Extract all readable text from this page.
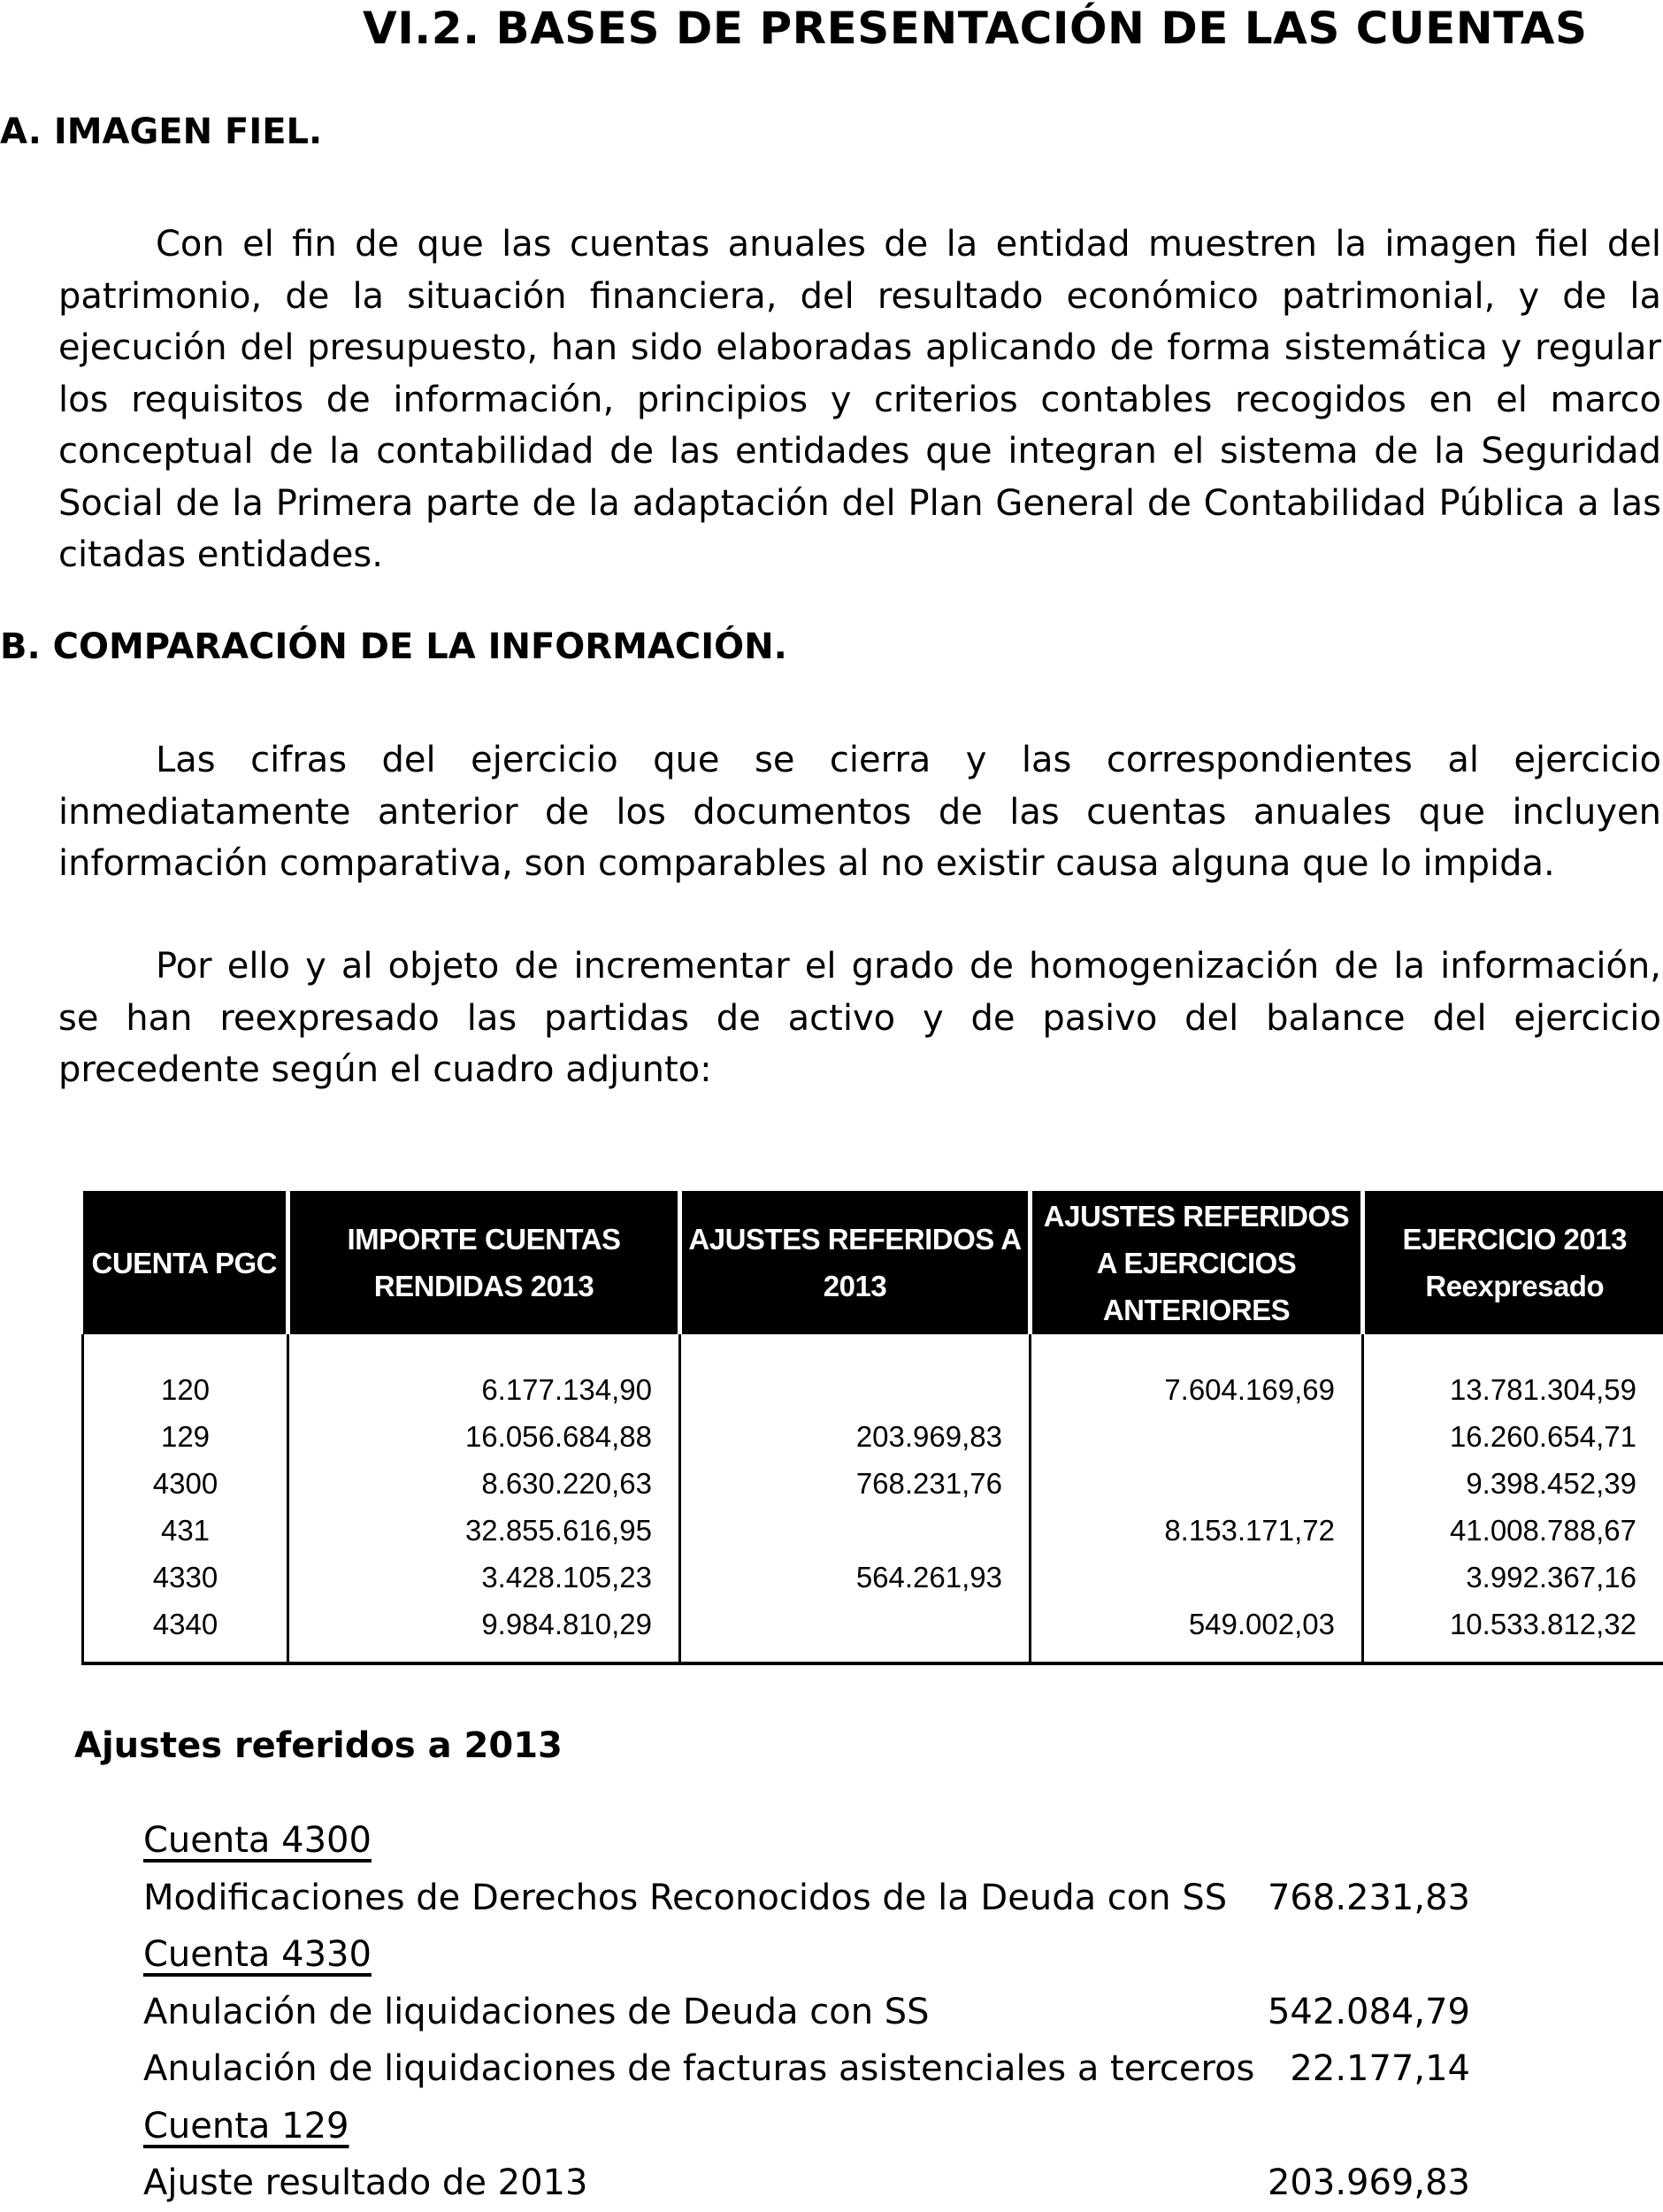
VI.2. BASES DE PRESENTACIÓN DE LAS CUENTAS
A. IMAGEN FIEL.
Con el fin de que las cuentas anuales de la entidad muestren la imagen fiel del patrimonio, de la situación financiera, del resultado económico patrimonial, y de la ejecución del presupuesto, han sido elaboradas aplicando de forma sistemática y regular los requisitos de información, principios y criterios contables recogidos en el marco conceptual de la contabilidad de las entidades que integran el sistema de la Seguridad Social de la Primera parte de la adaptación del Plan General de Contabilidad Pública a las citadas entidades.
B. COMPARACIÓN DE LA INFORMACIÓN.
Las cifras del ejercicio que se cierra y las correspondientes al ejercicio inmediatamente anterior de los documentos de las cuentas anuales que incluyen información comparativa, son comparables al no existir causa alguna que lo impida.
Por ello y al objeto de incrementar el grado de homogenización de la información, se han reexpresado las partidas de activo y de pasivo del balance del ejercicio precedente según el cuadro adjunto:
CUENTA PGC	IMPORTE CUENTAS RENDIDAS 2013	AJUSTES REFERIDOS A 2013	AJUSTES REFERIDOS A EJERCICIOS ANTERIORES	EJERCICIO 2013
Reexpresado
120	6.177.134,90		7.604.169,69	13.781.304,59
129	16.056.684,88	203.969,83		16.260.654,71
4300	8.630.220,63	768.231,76		9.398.452,39
431	32.855.616,95		8.153.171,72	41.008.788,67
4330	3.428.105,23	564.261,93		3.992.367,16
4340	9.984.810,29		549.002,03	10.533.812,32
Ajustes referidos a 2013
Cuenta 4300
Modificaciones de Derechos Reconocidos de la Deuda con SS	768.231,83
Cuenta 4330
Anulación de liquidaciones de Deuda con SS	542.084,79
Anulación de liquidaciones de facturas asistenciales a terceros	22.177,14
Cuenta 129
Ajuste resultado de 2013	203.969,83
